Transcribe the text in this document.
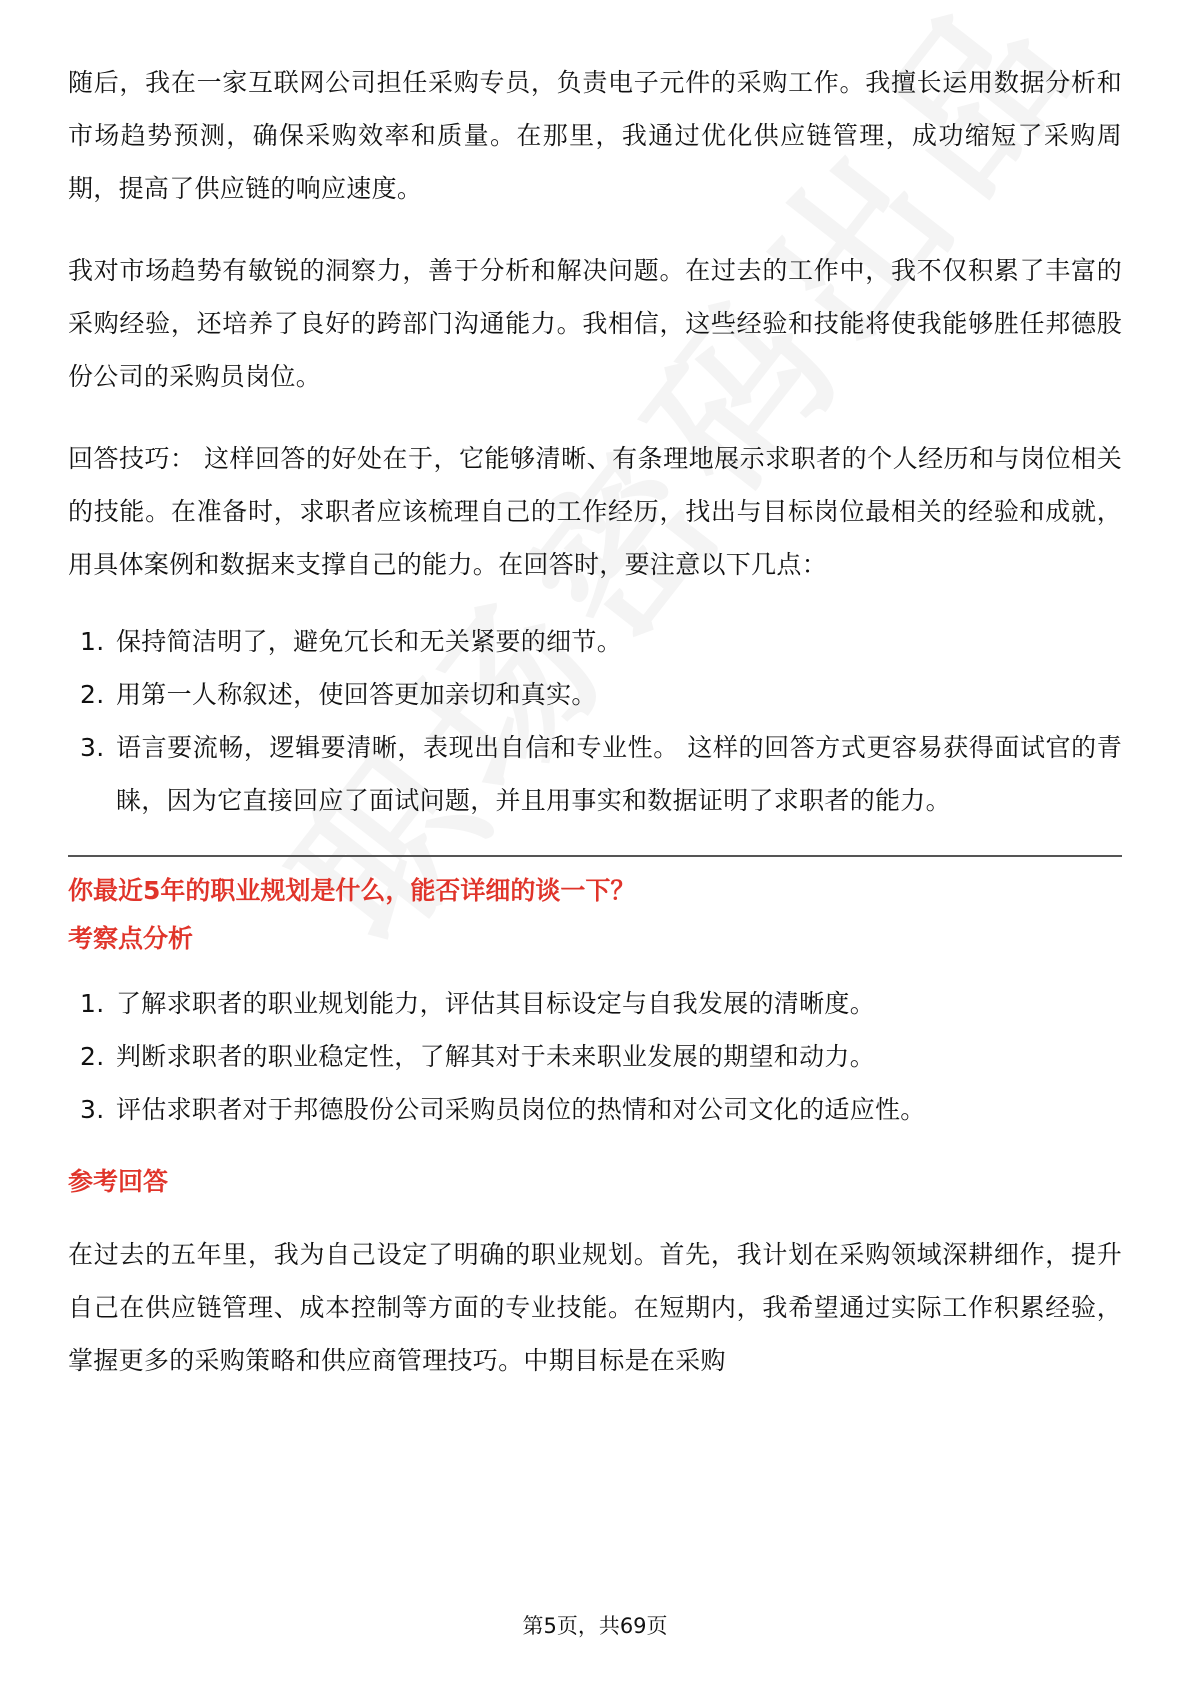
随后，我在一家互联网公司担任采购专员，负责电子元件的采购工作。我擅长运用数据分析和市场趋势预测，确保采购效率和质量。在那里，我通过优化供应链管理，成功缩短了采购周期，提高了供应链的响应速度。

我对市场趋势有敏锐的洞察力，善于分析和解决问题。在过去的工作中，我不仅积累了丰富的采购经验，还培养了良好的跨部门沟通能力。我相信，这些经验和技能将使我能够胜任邦德股份公司的采购员岗位。

回答技巧： 这样回答的好处在于，它能够清晰、有条理地展示求职者的个人经历和与岗位相关的技能。在准备时，求职者应该梳理自己的工作经历，找出与目标岗位最相关的经验和成就，用具体案例和数据来支撑自己的能力。在回答时，要注意以下几点：

1. 保持简洁明了，避免冗长和无关紧要的细节。
2. 用第一人称叙述，使回答更加亲切和真实。
3. 语言要流畅，逻辑要清晰，表现出自信和专业性。 这样的回答方式更容易获得面试官的青睐，因为它直接回应了面试问题，并且用事实和数据证明了求职者的能力。

你最近5年的职业规划是什么，能否详细的谈一下？

考察点分析

1. 了解求职者的职业规划能力，评估其目标设定与自我发展的清晰度。
2. 判断求职者的职业稳定性，了解其对于未来职业发展的期望和动力。
3. 评估求职者对于邦德股份公司采购员岗位的热情和对公司文化的适应性。

参考回答

在过去的五年里，我为自己设定了明确的职业规划。首先，我计划在采购领域深耕细作，提升自己在供应链管理、成本控制等方面的专业技能。在短期内，我希望通过实际工作积累经验，掌握更多的采购策略和供应商管理技巧。中期目标是在采购

第5页，共69页
